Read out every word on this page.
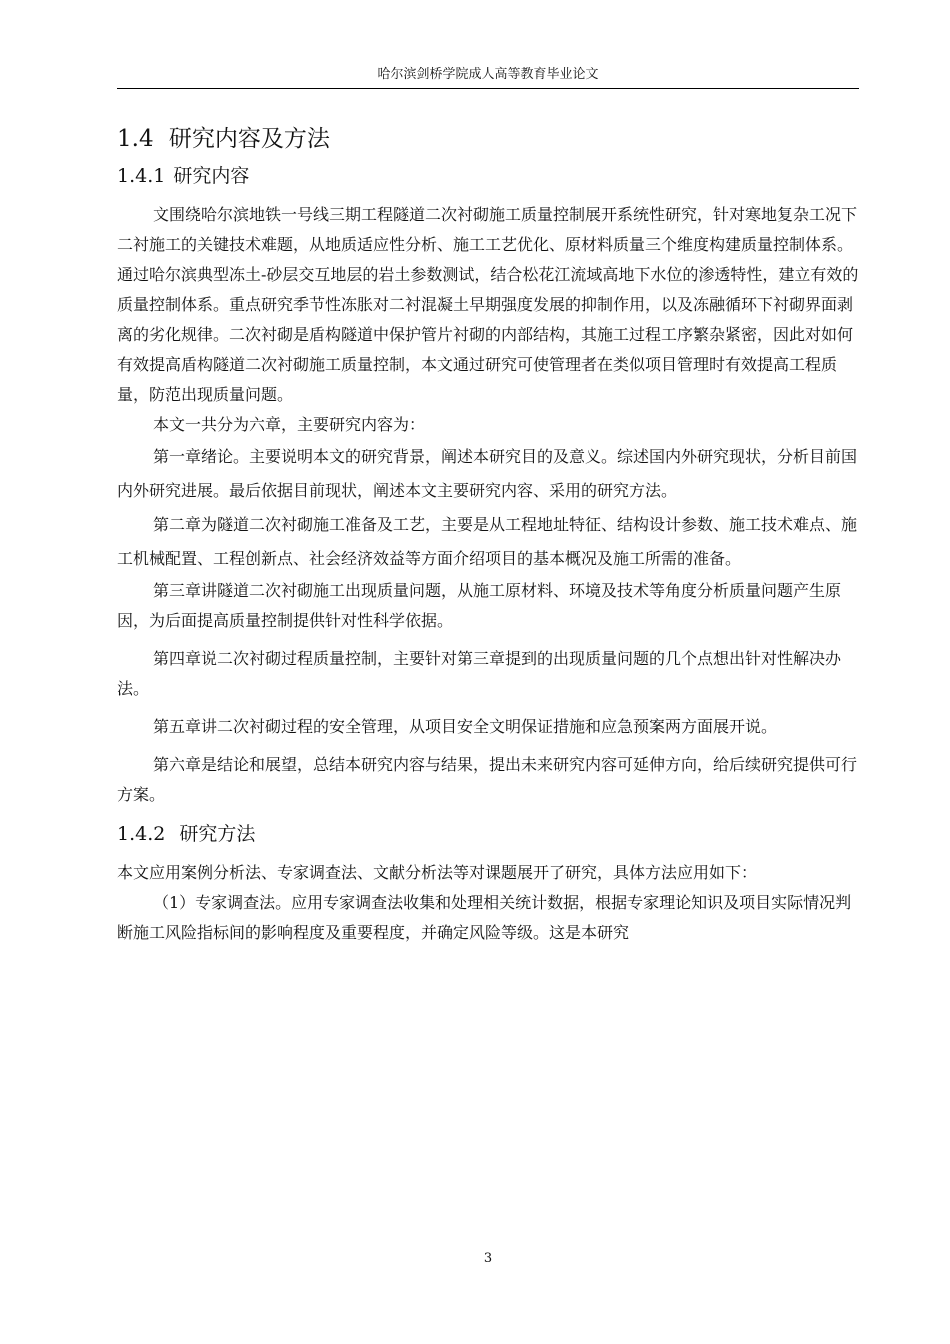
哈尔滨剑桥学院成人高等教育毕业论文
1.4 研究内容及方法
1.4.1 研究内容

文围绕哈尔滨地铁一号线三期工程隧道二次衬砌施工质量控制展开系统性研究，针对寒地复杂工况下二衬施工的关键技术难题，从地质适应性分析、施工工艺优化、原材料质量三个维度构建质量控制体系。通过哈尔滨典型冻土-砂层交互地层的岩土参数测试，结合松花江流域高地下水位的渗透特性，建立有效的质量控制体系。重点研究季节性冻胀对二衬混凝土早期强度发展的抑制作用，以及冻融循环下衬砌界面剥离的劣化规律。二次衬砌是盾构隧道中保护管片衬砌的内部结构，其施工过程工序繁杂紧密，因此对如何有效提高盾构隧道二次衬砌施工质量控制，本文通过研究可使管理者在类似项目管理时有效提高工程质量，防范出现质量问题。

本文一共分为六章，主要研究内容为：

第一章绪论。主要说明本文的研究背景，阐述本研究目的及意义。综述国内外研究现状，分析目前国内外研究进展。最后依据目前现状，阐述本文主要研究内容、采用的研究方法。

第二章为隧道二次衬砌施工准备及工艺，主要是从工程地址特征、结构设计参数、施工技术难点、施工机械配置、工程创新点、社会经济效益等方面介绍项目的基本概况及施工所需的准备。

第三章讲隧道二次衬砌施工出现质量问题，从施工原材料、环境及技术等角度分析质量问题产生原因，为后面提高质量控制提供针对性科学依据。

第四章说二次衬砌过程质量控制，主要针对第三章提到的出现质量问题的几个点想出针对性解决办法。

第五章讲二次衬砌过程的安全管理，从项目安全文明保证措施和应急预案两方面展开说。

第六章是结论和展望，总结本研究内容与结果，提出未来研究内容可延伸方向，给后续研究提供可行方案。

1.4.2 研究方法

本文应用案例分析法、专家调查法、文献分析法等对课题展开了研究，具体方法应用如下：

（1）专家调查法。应用专家调查法收集和处理相关统计数据，根据专家理论知识及项目实际情况判断施工风险指标间的影响程度及重要程度，并确定风险等级。这是本研究

3
